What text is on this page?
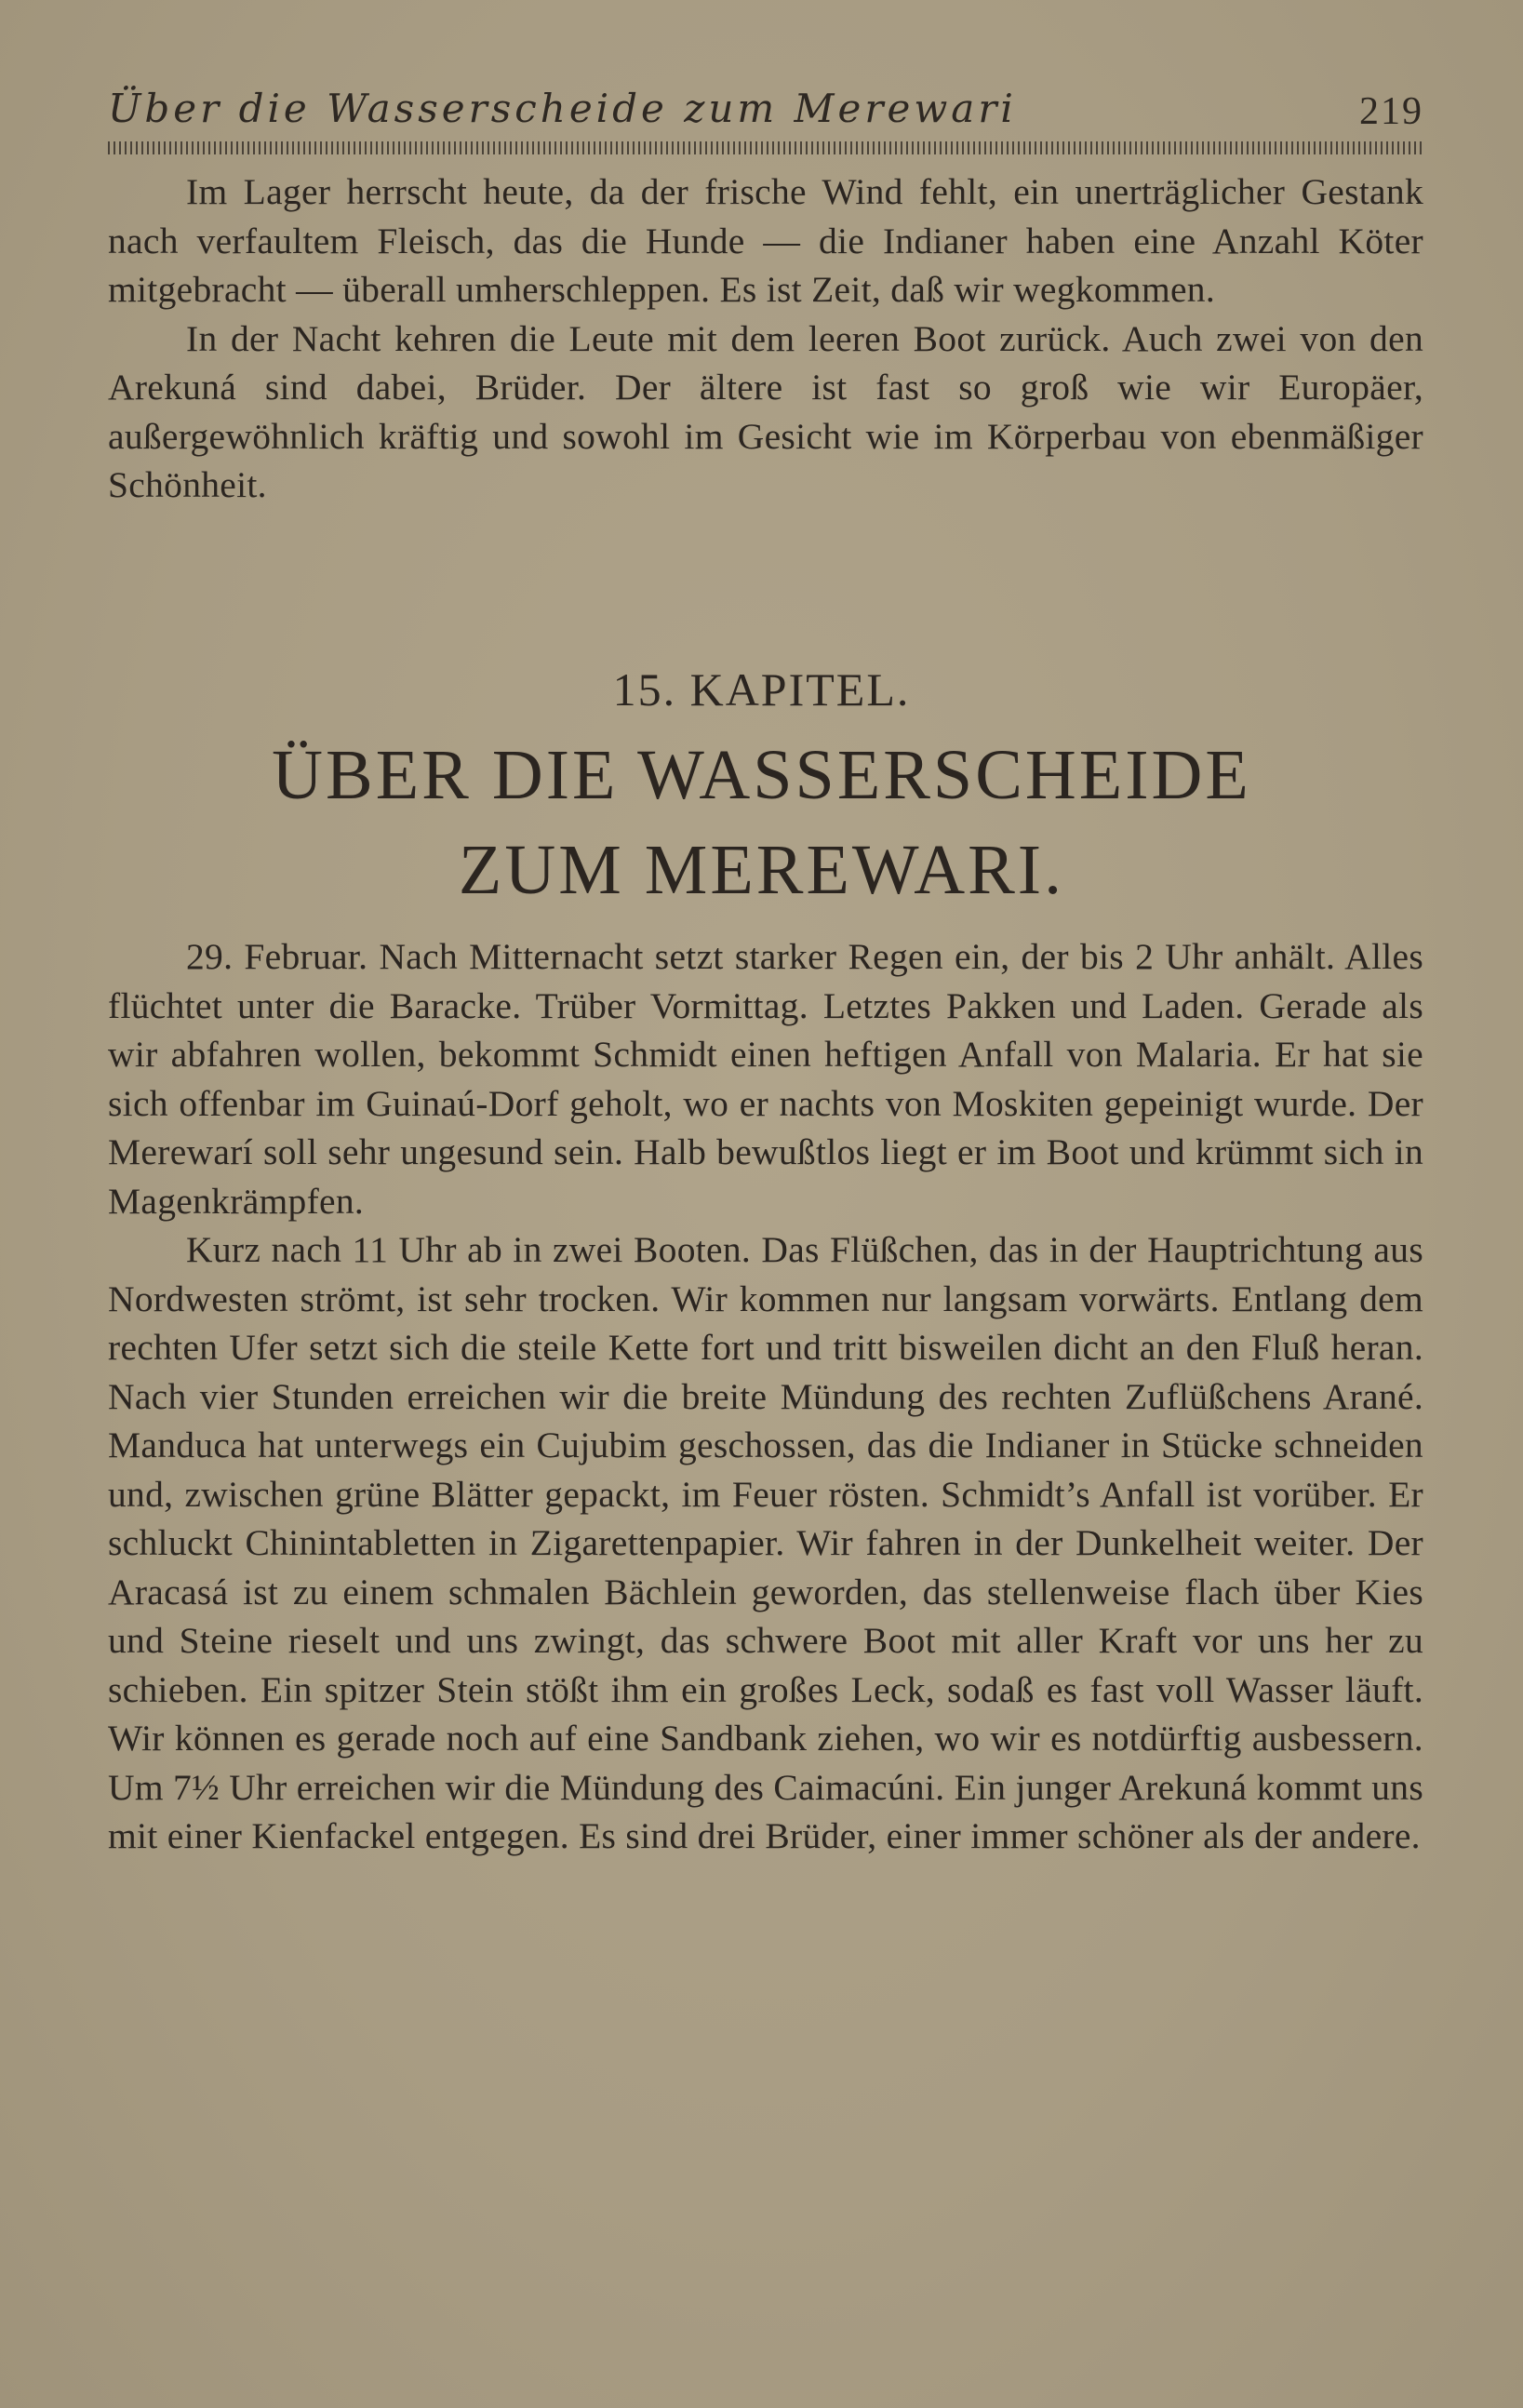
Über die Wasserscheide zum Merewari	219

Im Lager herrscht heute, da der frische Wind fehlt, ein unerträglicher Gestank nach verfaultem Fleisch, das die Hunde — die Indianer haben eine Anzahl Köter mitgebracht — überall umherschleppen. Es ist Zeit, daß wir wegkommen.

In der Nacht kehren die Leute mit dem leeren Boot zurück. Auch zwei von den Arekuná sind dabei, Brüder. Der ältere ist fast so groß wie wir Europäer, außergewöhnlich kräftig und sowohl im Gesicht wie im Körperbau von ebenmäßiger Schönheit.

15. KAPITEL.
ÜBER DIE WASSERSCHEIDE
ZUM MEREWARI.

29. Februar. Nach Mitternacht setzt starker Regen ein, der bis 2 Uhr anhält. Alles flüchtet unter die Baracke. Trüber Vormittag. Letztes Pakken und Laden. Gerade als wir abfahren wollen, bekommt Schmidt einen heftigen Anfall von Malaria. Er hat sie sich offenbar im Guinaú-Dorf geholt, wo er nachts von Moskiten gepeinigt wurde. Der Merewarí soll sehr ungesund sein. Halb bewußtlos liegt er im Boot und krümmt sich in Magenkrämpfen.

Kurz nach 11 Uhr ab in zwei Booten. Das Flüßchen, das in der Hauptrichtung aus Nordwesten strömt, ist sehr trocken. Wir kommen nur langsam vorwärts. Entlang dem rechten Ufer setzt sich die steile Kette fort und tritt bisweilen dicht an den Fluß heran. Nach vier Stunden erreichen wir die breite Mündung des rechten Zuflüßchens Arané. Manduca hat unterwegs ein Cujubim geschossen, das die Indianer in Stücke schneiden und, zwischen grüne Blätter gepackt, im Feuer rösten. Schmidt’s Anfall ist vorüber. Er schluckt Chinintabletten in Zigarettenpapier. Wir fahren in der Dunkelheit weiter. Der Aracasá ist zu einem schmalen Bächlein geworden, das stellenweise flach über Kies und Steine rieselt und uns zwingt, das schwere Boot mit aller Kraft vor uns her zu schieben. Ein spitzer Stein stößt ihm ein großes Leck, sodaß es fast voll Wasser läuft. Wir können es gerade noch auf eine Sandbank ziehen, wo wir es notdürftig ausbessern. Um 7½ Uhr erreichen wir die Mündung des Caimacúni. Ein junger Arekuná kommt uns mit einer Kienfackel entgegen. Es sind drei Brüder, einer immer schöner als der andere.
